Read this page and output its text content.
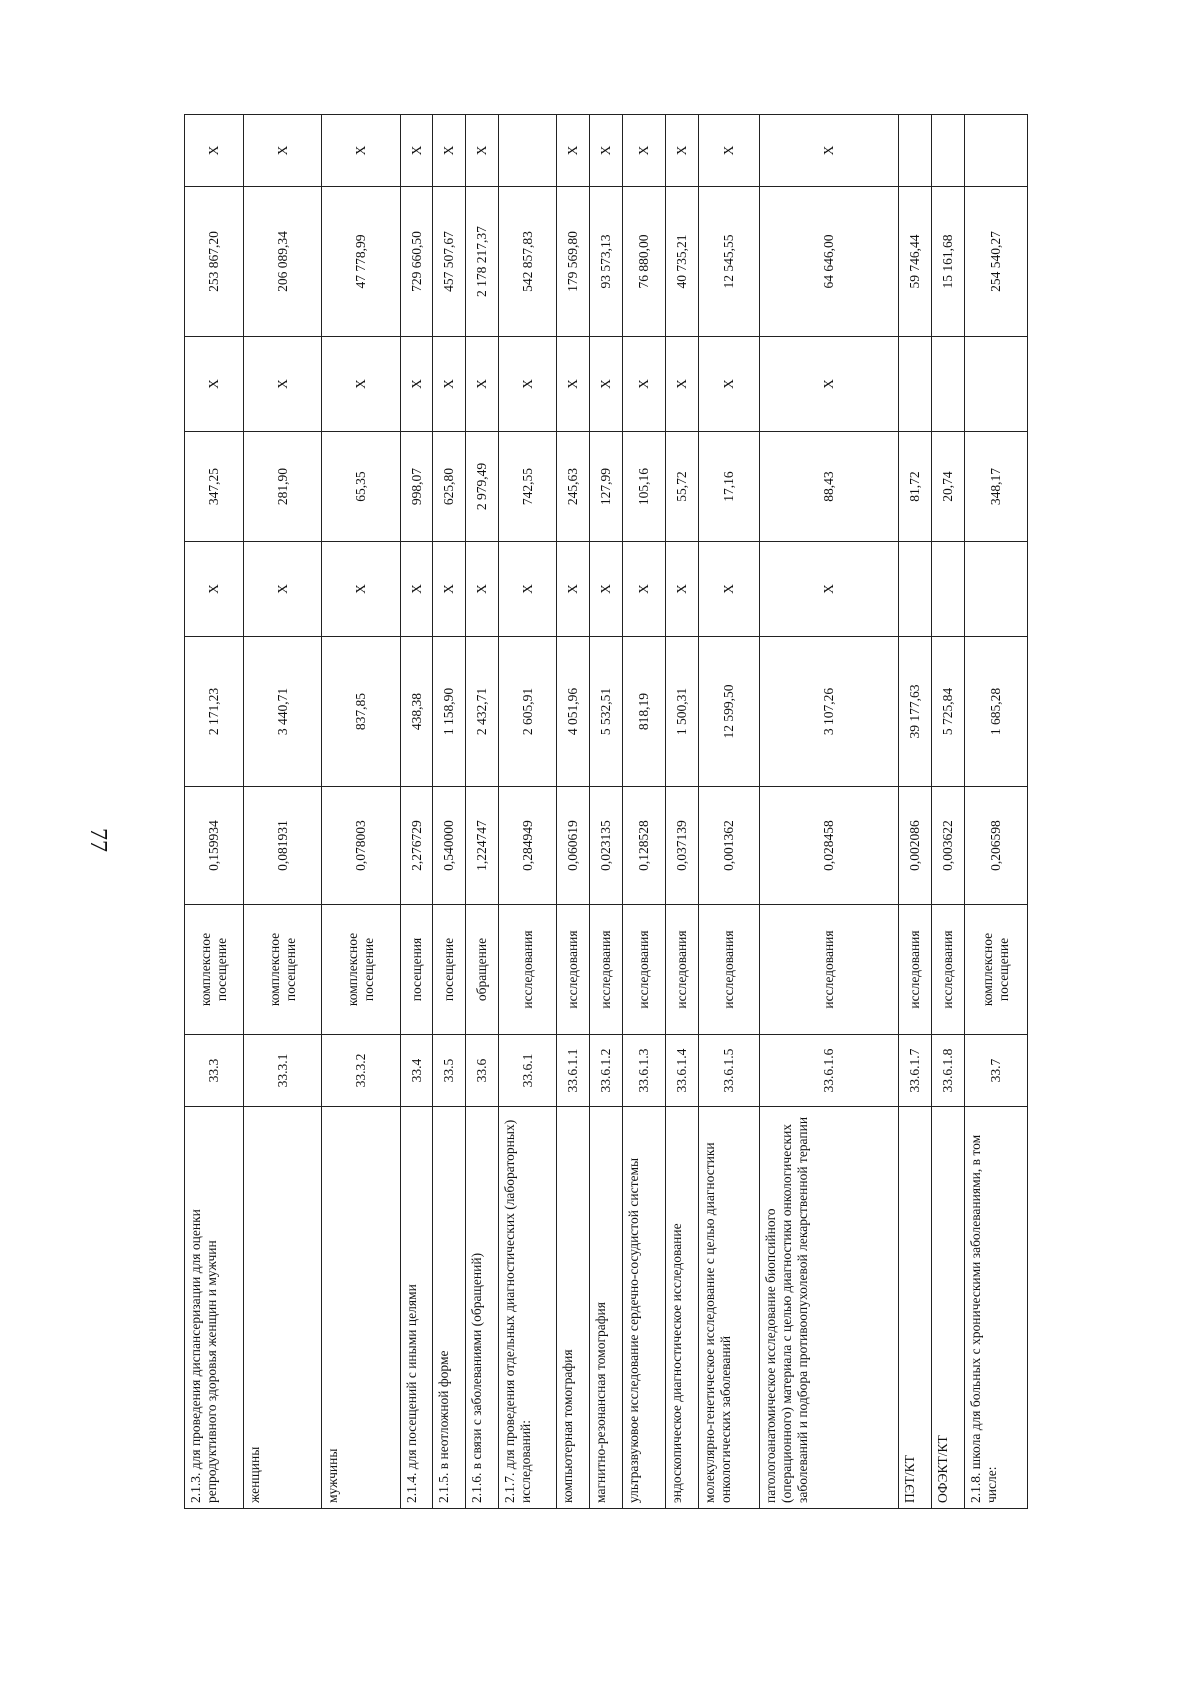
77
2.1.3. для проведения диспансеризации для оценки репродуктивного здоровья женщин и мужчин	33.3	комплексное посещение	0,159934	2 171,23	X	347,25	X	253 867,20	X
женщины	33.3.1	комплексное посещение	0,081931	3 440,71	X	281,90	X	206 089,34	X
мужчины	33.3.2	комплексное посещение	0,078003	837,85	X	65,35	X	47 778,99	X
2.1.4. для посещений с иными целями	33.4	посещения	2,276729	438,38	X	998,07	X	729 660,50	X
2.1.5. в неотложной форме	33.5	посещение	0,540000	1 158,90	X	625,80	X	457 507,67	X
2.1.6. в связи с заболеваниями (обращений)	33.6	обращение	1,224747	2 432,71	X	2 979,49	X	2 178 217,37	X
2.1.7. для проведения отдельных диагностических (лабораторных) исследований:	33.6.1	исследования	0,284949	2 605,91	X	742,55	X	542 857,83	
компьютерная томография	33.6.1.1	исследования	0,060619	4 051,96	X	245,63	X	179 569,80	X
магнитно-резонансная томография	33.6.1.2	исследования	0,023135	5 532,51	X	127,99	X	93 573,13	X
ультразвуковое исследование сердечно-сосудистой системы	33.6.1.3	исследования	0,128528	818,19	X	105,16	X	76 880,00	X
эндоскопическое диагностическое исследование	33.6.1.4	исследования	0,037139	1 500,31	X	55,72	X	40 735,21	X
молекулярно-генетическое исследование с целью диагностики онкологических заболеваний	33.6.1.5	исследования	0,001362	12 599,50	X	17,16	X	12 545,55	X
патологоанатомическое исследование биопсийного (операционного) материала с целью диагностики онкологических заболеваний и подбора противоопухолевой лекарственной терапии	33.6.1.6	исследования	0,028458	3 107,26	X	88,43	X	64 646,00	X
ПЭТ/КТ	33.6.1.7	исследования	0,002086	39 177,63		81,72		59 746,44	
ОФЭКТ/КТ	33.6.1.8	исследования	0,003622	5 725,84		20,74		15 161,68	
2.1.8. школа для больных с хроническими заболеваниями, в том числе:	33.7	комплексное посещение	0,206598	1 685,28		348,17		254 540,27	
